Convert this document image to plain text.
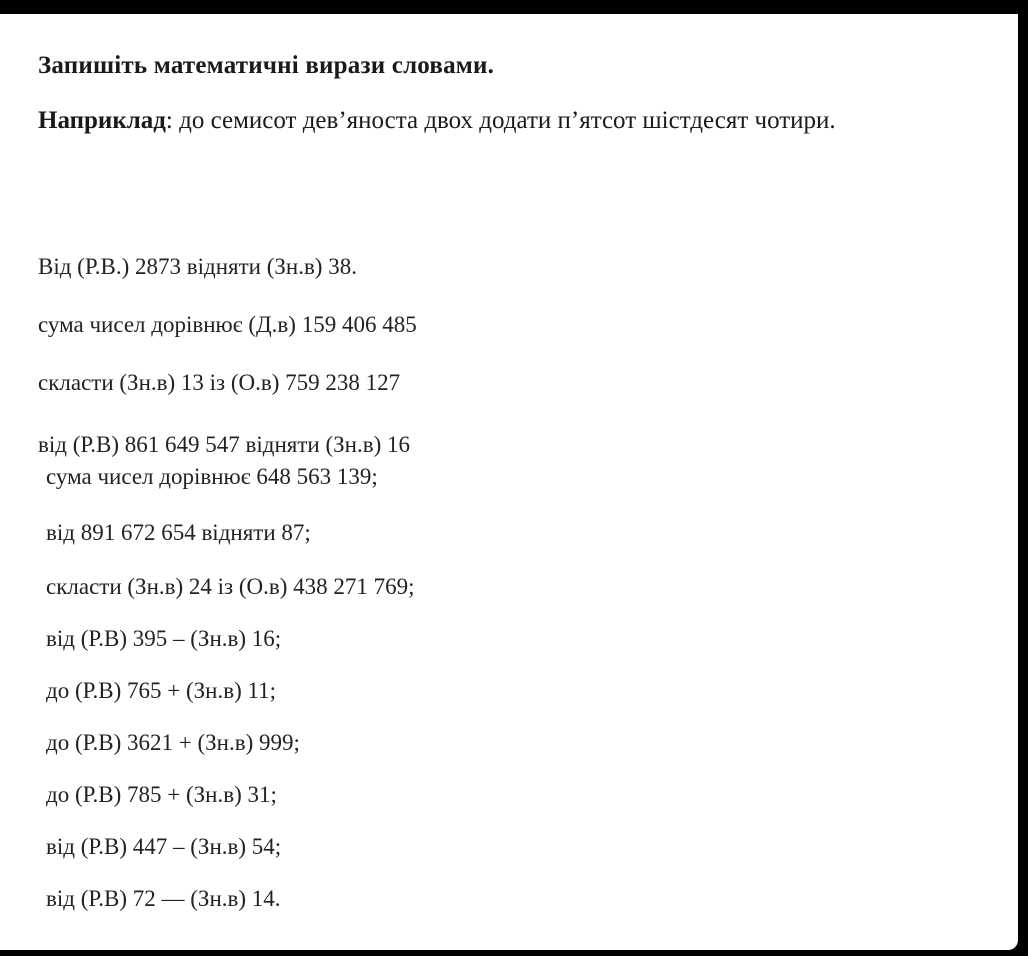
Запишіть математичні вирази словами.
Наприклад: до семисот дев’яноста двох додати п’ятсот шістдесят чотири.
Від (Р.В.) 2873 відняти (Зн.в) 38.
сума чисел дорівнює (Д.в) 159 406 485
скласти (Зн.в) 13 із (О.в) 759 238 127
від (Р.В) 861 649 547 відняти (Зн.в) 16
сума чисел дорівнює 648 563 139;
від 891 672 654 відняти 87;
скласти (Зн.в) 24 із (О.в) 438 271 769;
від (Р.В) 395 – (Зн.в) 16;
до (Р.В) 765 + (Зн.в) 11;
до (Р.В) 3621 + (Зн.в) 999;
до (Р.В) 785 + (Зн.в) 31;
від (Р.В) 447 – (Зн.в) 54;
від (Р.В) 72 — (Зн.в) 14.
